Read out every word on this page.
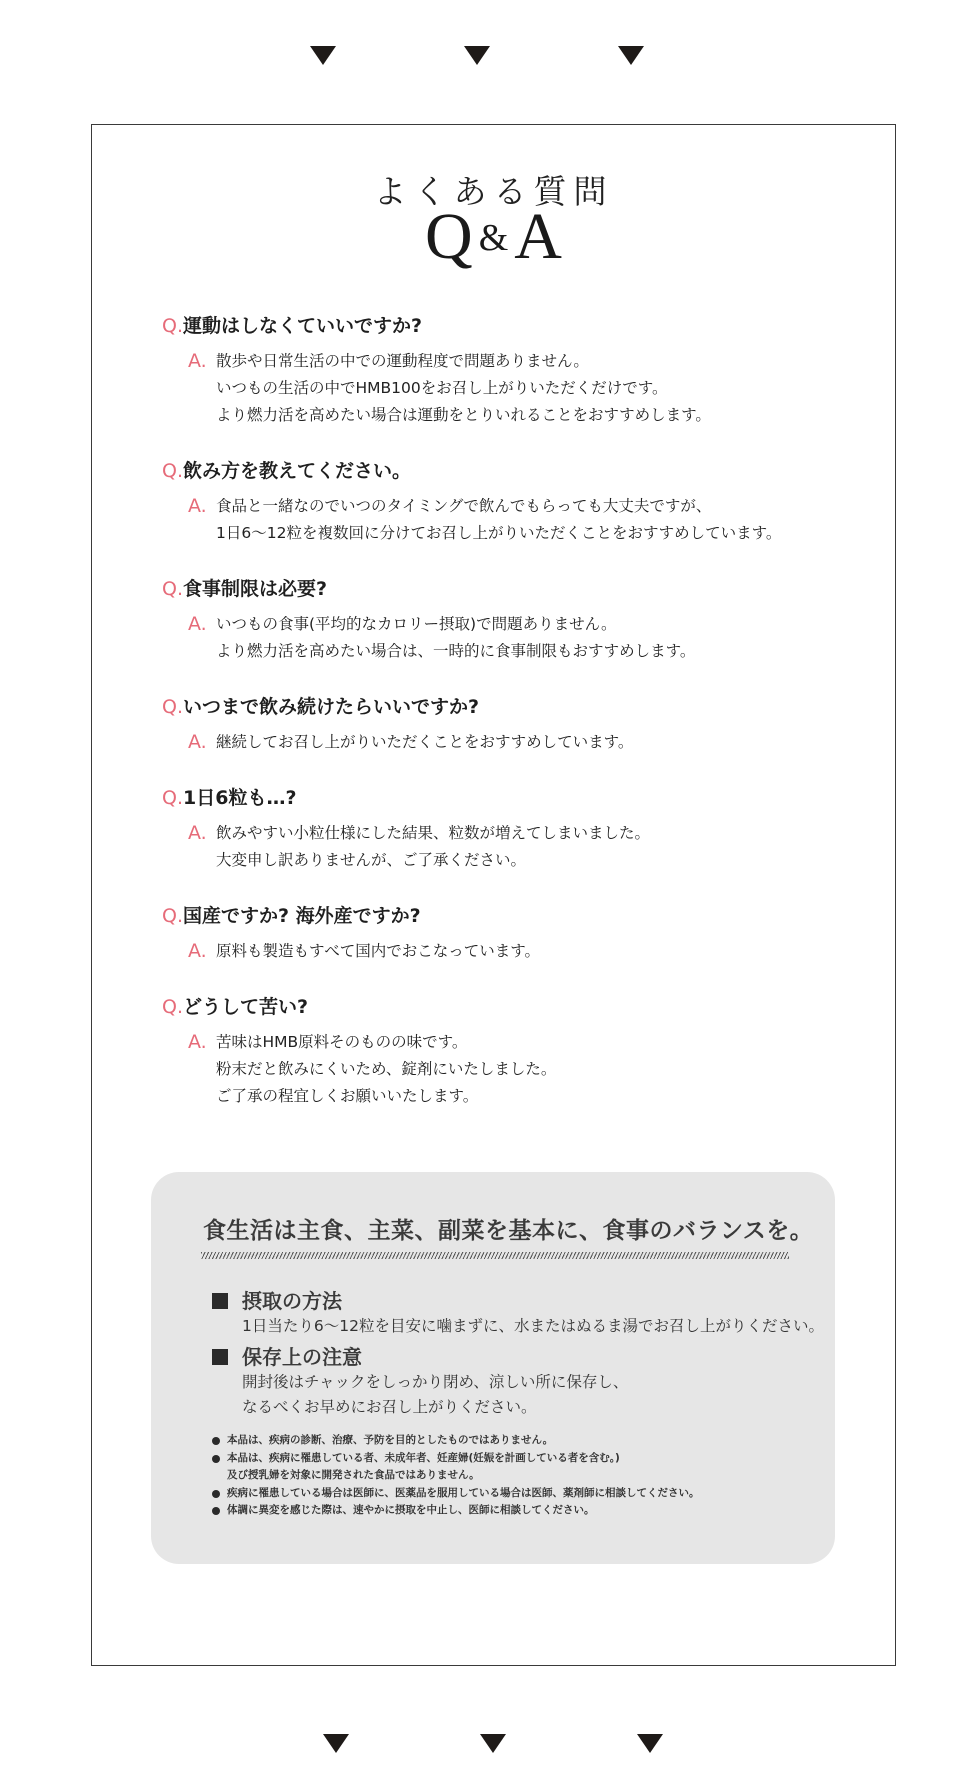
よくある質問
Q &A
Q.運動はしなくていいですか?
A. 散歩や日常生活の中での運動程度で問題ありません。
いつもの生活の中でHMB100をお召し上がりいただくだけです。
より燃力活を高めたい場合は運動をとりいれることをおすすめします。
Q.飲み方を教えてください。
A. 食品と一緒なのでいつのタイミングで飲んでもらっても大丈夫ですが、
1日6～12粒を複数回に分けてお召し上がりいただくことをおすすめしています。
Q.食事制限は必要?
A. いつもの食事(平均的なカロリー摂取)で問題ありません。
より燃力活を高めたい場合は、一時的に食事制限もおすすめします。
Q.いつまで飲み続けたらいいですか?
A. 継続してお召し上がりいただくことをおすすめしています。
Q.1日6粒も…?
A. 飲みやすい小粒仕様にした結果、粒数が増えてしまいました。
大変申し訳ありませんが、ご了承ください。
Q.国産ですか? 海外産ですか?
A. 原料も製造もすべて国内でおこなっています。
Q.どうして苦い?
A. 苦味はHMB原料そのものの味です。
粉末だと飲みにくいため、錠剤にいたしました。
ご了承の程宜しくお願いいたします。
食生活は主食、主菜、副菜を基本に、食事のバランスを。
摂取の方法
1日当たり6～12粒を目安に噛まずに、水またはぬるま湯でお召し上がりください。
保存上の注意
開封後はチャックをしっかり閉め、涼しい所に保存し、
なるべくお早めにお召し上がりください。
本品は、疾病の診断、治療、予防を目的としたものではありません。
本品は、疾病に罹患している者、未成年者、妊産婦(妊娠を計画している者を含む。)
及び授乳婦を対象に開発された食品ではありません。
疾病に罹患している場合は医師に、医薬品を服用している場合は医師、薬剤師に相談してください。
体調に異変を感じた際は、速やかに摂取を中止し、医師に相談してください。
